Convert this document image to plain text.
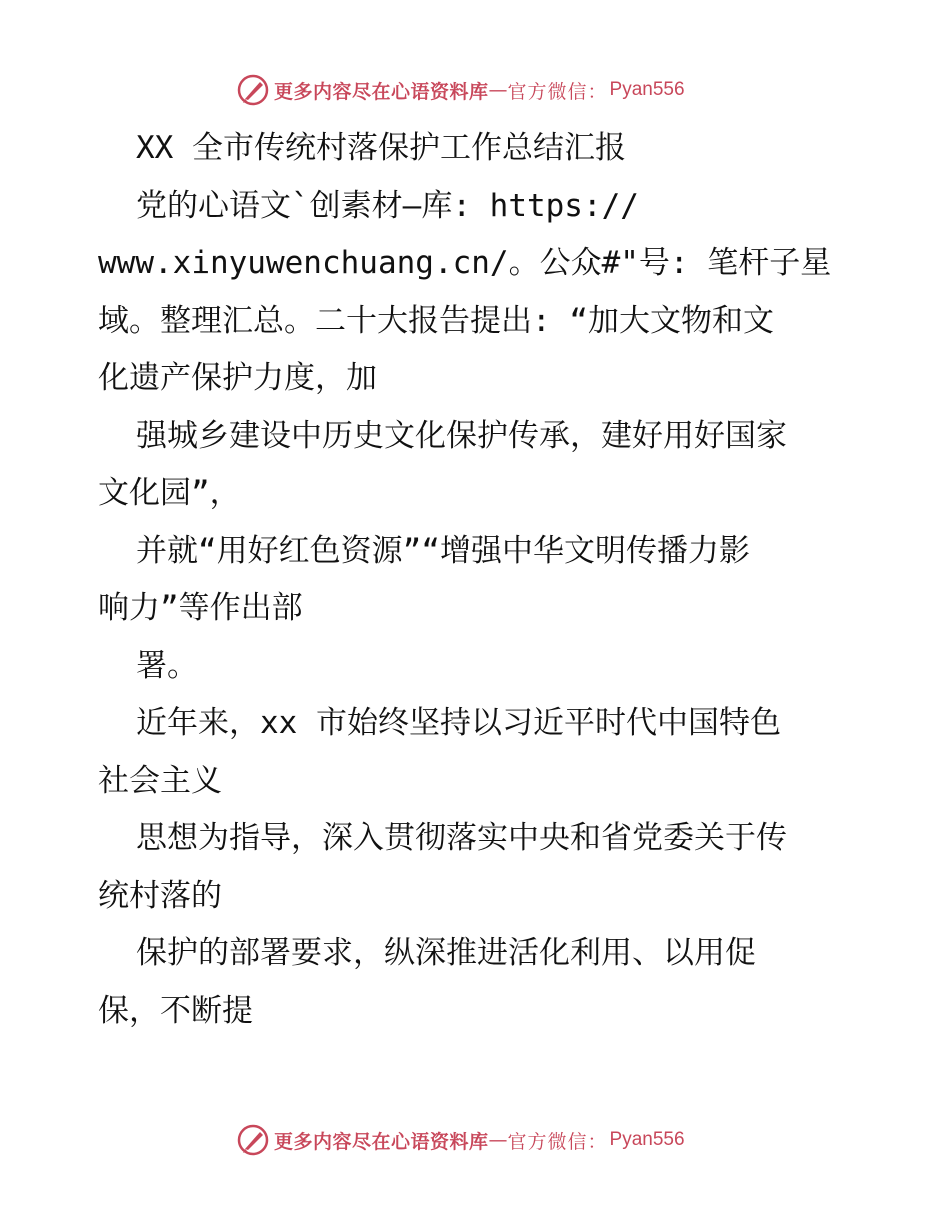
更多内容尽在心语资料库 — 官方微信： Pyan556
XX 全市传统村落保护工作总结汇报
党的心语文`创素材—库: https://
www.xinyuwenchuang.cn/。公众#"号: 笔杆子星
域。整理汇总。二十大报告提出: “加大文物和文
化遗产保护力度，加
强城乡建设中历史文化保护传承，建好用好国家
文化园”，
并就“用好红色资源”“增强中华文明传播力影
响力”等作出部
署。
近年来，xx 市始终坚持以习近平时代中国特色
社会主义
思想为指导，深入贯彻落实中央和省党委关于传
统村落的
保护的部署要求，纵深推进活化利用、以用促
保，不断提
更多内容尽在心语资料库 — 官方微信： Pyan556
